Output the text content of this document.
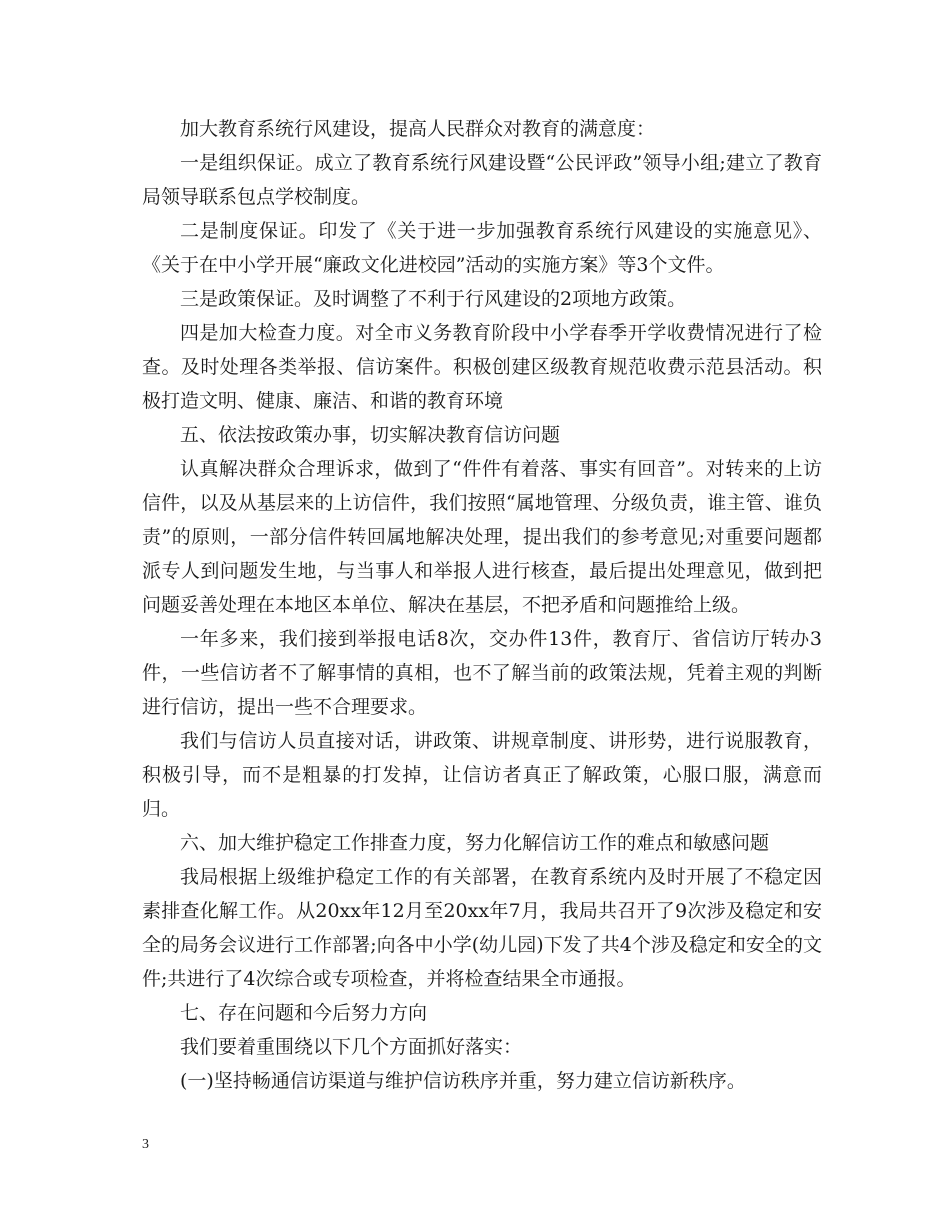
加大教育系统行风建设，提高人民群众对教育的满意度：

一是组织保证。成立了教育系统行风建设暨“公民评政”领导小组;建立了教育局领导联系包点学校制度。

二是制度保证。印发了《关于进一步加强教育系统行风建设的实施意见》、《关于在中小学开展“廉政文化进校园”活动的实施方案》等3个文件。

三是政策保证。及时调整了不利于行风建设的2项地方政策。

四是加大检查力度。对全市义务教育阶段中小学春季开学收费情况进行了检查。及时处理各类举报、信访案件。积极创建区级教育规范收费示范县活动。积极打造文明、健康、廉洁、和谐的教育环境

五、依法按政策办事，切实解决教育信访问题

认真解决群众合理诉求，做到了“件件有着落、事实有回音”。对转来的上访信件，以及从基层来的上访信件，我们按照“属地管理、分级负责，谁主管、谁负责”的原则，一部分信件转回属地解决处理，提出我们的参考意见;对重要问题都派专人到问题发生地，与当事人和举报人进行核查，最后提出处理意见，做到把问题妥善处理在本地区本单位、解决在基层，不把矛盾和问题推给上级。

一年多来，我们接到举报电话8次，交办件13件，教育厅、省信访厅转办3件，一些信访者不了解事情的真相，也不了解当前的政策法规，凭着主观的判断进行信访，提出一些不合理要求。

我们与信访人员直接对话，讲政策、讲规章制度、讲形势，进行说服教育，积极引导，而不是粗暴的打发掉，让信访者真正了解政策，心服口服，满意而归。

六、加大维护稳定工作排查力度，努力化解信访工作的难点和敏感问题

我局根据上级维护稳定工作的有关部署，在教育系统内及时开展了不稳定因素排查化解工作。从20xx年12月至20xx年7月，我局共召开了9次涉及稳定和安全的局务会议进行工作部署;向各中小学(幼儿园)下发了共4个涉及稳定和安全的文件;共进行了4次综合或专项检查，并将检查结果全市通报。

七、存在问题和今后努力方向

我们要着重围绕以下几个方面抓好落实：

(一)坚持畅通信访渠道与维护信访秩序并重，努力建立信访新秩序。

3
